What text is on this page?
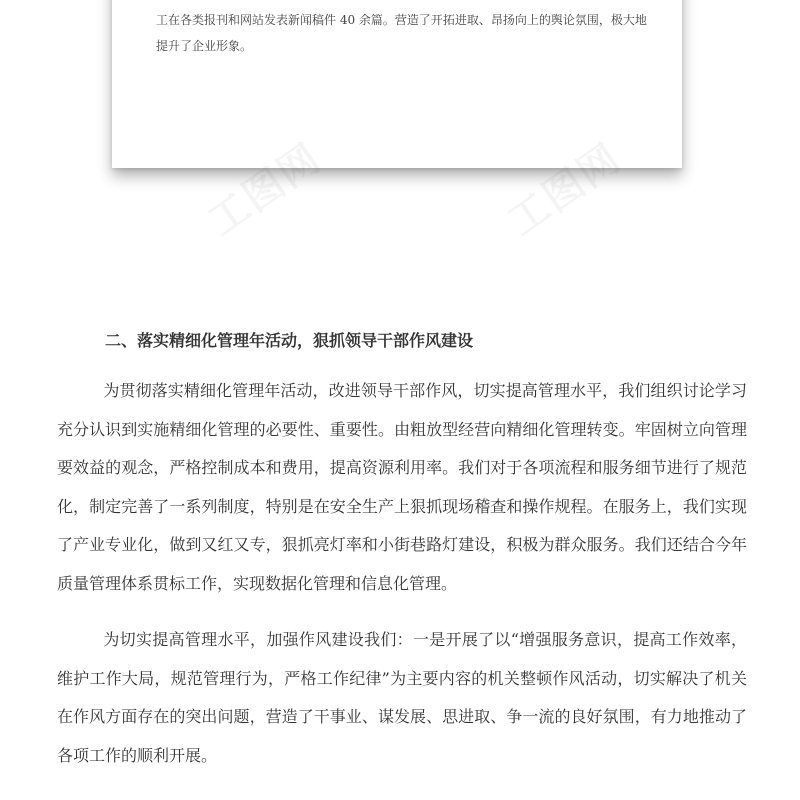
工在各类报刊和网站发表新闻稿件 40 余篇。营造了开拓进取、昂扬向上的舆论氛围，极大地提升了企业形象。

二、落实精细化管理年活动，狠抓领导干部作风建设

为贯彻落实精细化管理年活动，改进领导干部作风，切实提高管理水平，我们组织讨论学习充分认识到实施精细化管理的必要性、重要性。由粗放型经营向精细化管理转变。牢固树立向管理要效益的观念，严格控制成本和费用，提高资源利用率。我们对于各项流程和服务细节进行了规范化，制定完善了一系列制度，特别是在安全生产上狠抓现场稽查和操作规程。在服务上，我们实现了产业专业化，做到又红又专，狠抓亮灯率和小街巷路灯建设，积极为群众服务。我们还结合今年质量管理体系贯标工作，实现数据化管理和信息化管理。

为切实提高管理水平，加强作风建设我们：一是开展了以“增强服务意识，提高工作效率，维护工作大局，规范管理行为，严格工作纪律”为主要内容的机关整顿作风活动，切实解决了机关在作风方面存在的突出问题，营造了干事业、谋发展、思进取、争一流的良好氛围，有力地推动了各项工作的顺利开展。
